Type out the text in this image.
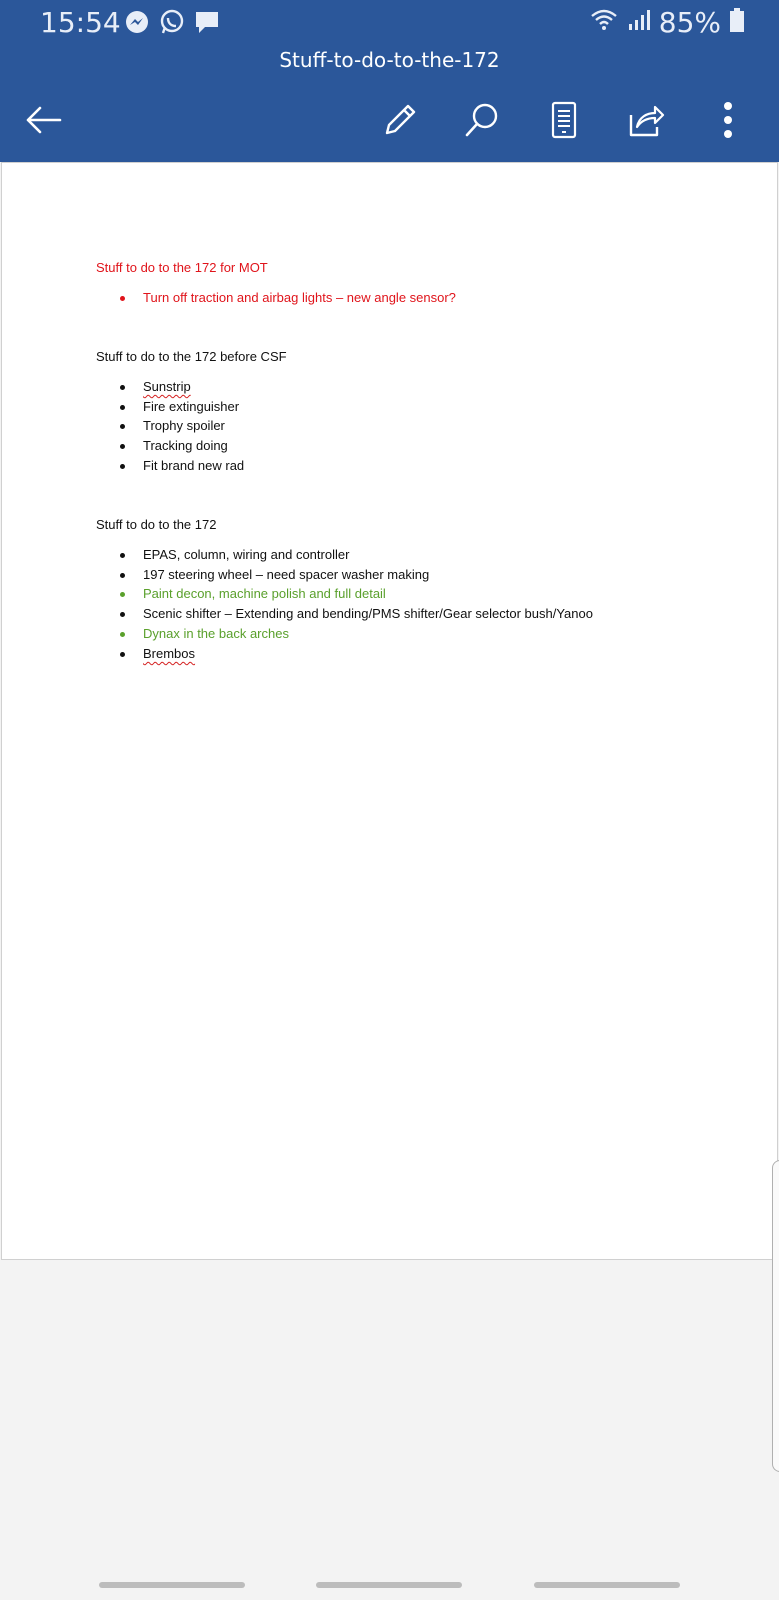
15:54	85%
Stuff-to-do-to-the-172

Stuff to do to the 172 for MOT

Turn off traction and airbag lights – new angle sensor?

Stuff to do to the 172 before CSF

Sunstrip
Fire extinguisher
Trophy spoiler
Tracking doing
Fit brand new rad

Stuff to do to the 172

EPAS, column, wiring and controller
197 steering wheel – need spacer washer making
Paint decon, machine polish and full detail
Scenic shifter – Extending and bending/PMS shifter/Gear selector bush/Yanoo
Dynax in the back arches
Brembos
